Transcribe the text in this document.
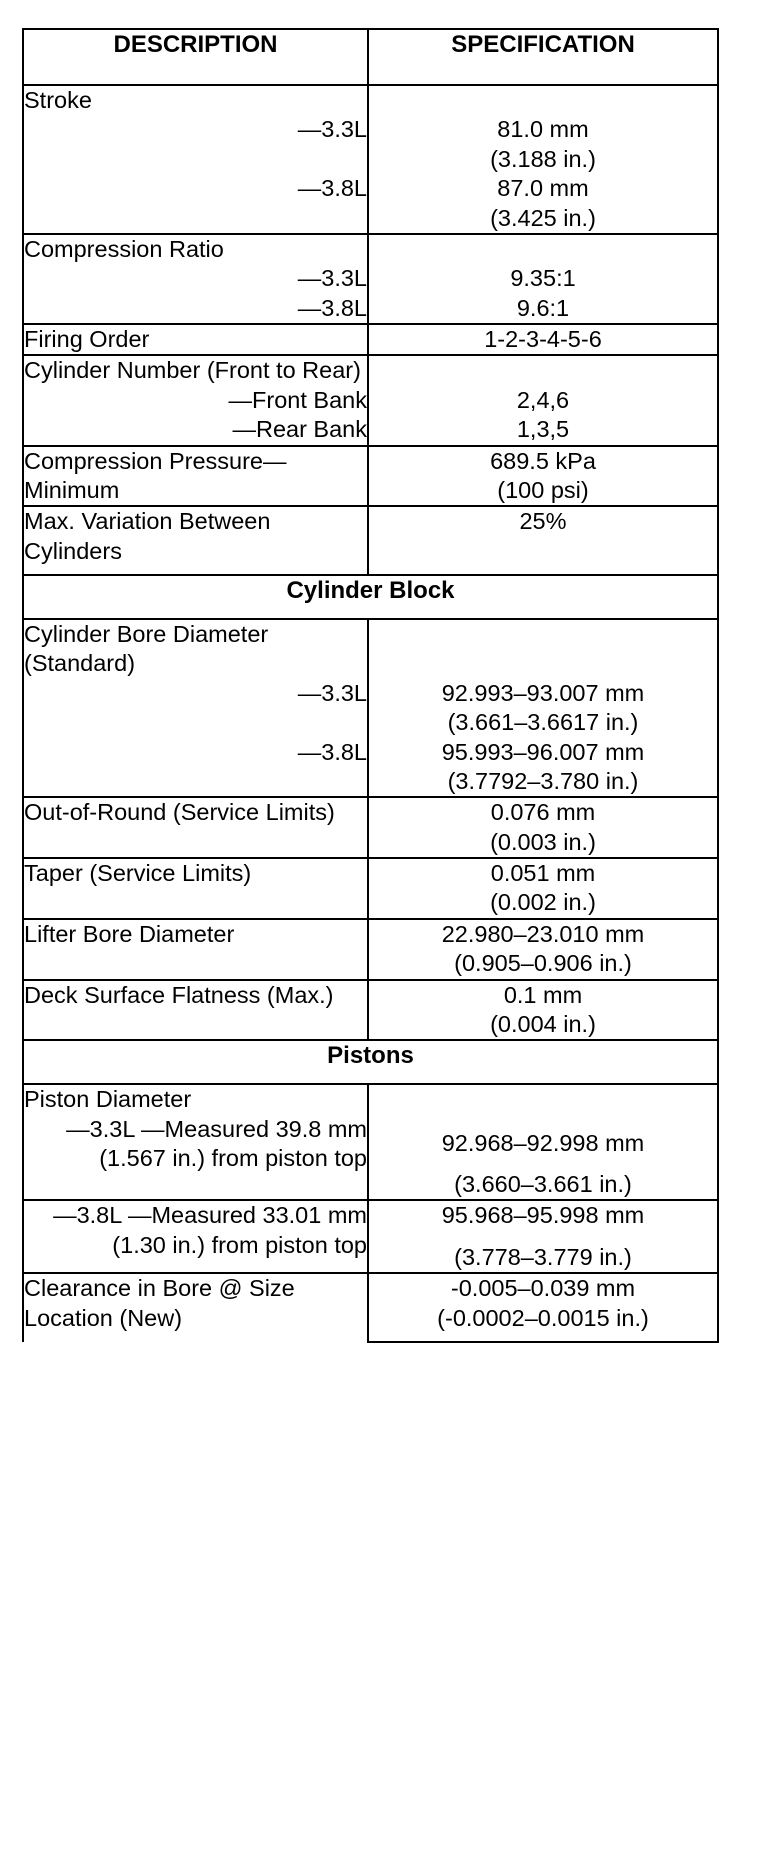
DESCRIPTION	SPECIFICATION
Stroke	
—3.3L	81.0 mm
	(3.188 in.)
—3.8L	87.0 mm
	(3.425 in.)
Compression Ratio	
—3.3L	9.35:1
—3.8L	9.6:1
Firing Order	1-2-3-4-5-6
Cylinder Number (Front to Rear)	
—Front Bank	2,4,6
—Rear Bank	1,3,5
Compression Pressure—Minimum	689.5 kPa
	(100 psi)
Max. Variation Between Cylinders	25%
Cylinder Block	
Cylinder Bore Diameter (Standard)	
—3.3L	92.993–93.007 mm
	(3.661–3.6617 in.)
—3.8L	95.993–96.007 mm
	(3.7792–3.780 in.)
Out-of-Round (Service Limits)	0.076 mm
	(0.003 in.)
Taper (Service Limits)	0.051 mm
	(0.002 in.)
Lifter Bore Diameter	22.980–23.010 mm
	(0.905–0.906 in.)
Deck Surface Flatness (Max.)	0.1 mm
	(0.004 in.)
Pistons	
Piston Diameter	
—3.3L —Measured 39.8 mm (1.567 in.) from piston top	92.968–92.998 mm
	(3.660–3.661 in.)
—3.8L —Measured 33.01 mm (1.30 in.) from piston top	95.968–95.998 mm
	(3.778–3.779 in.)
Clearance in Bore @ Size Location (New)	-0.005–0.039 mm
	(-0.0002–0.0015 in.)
